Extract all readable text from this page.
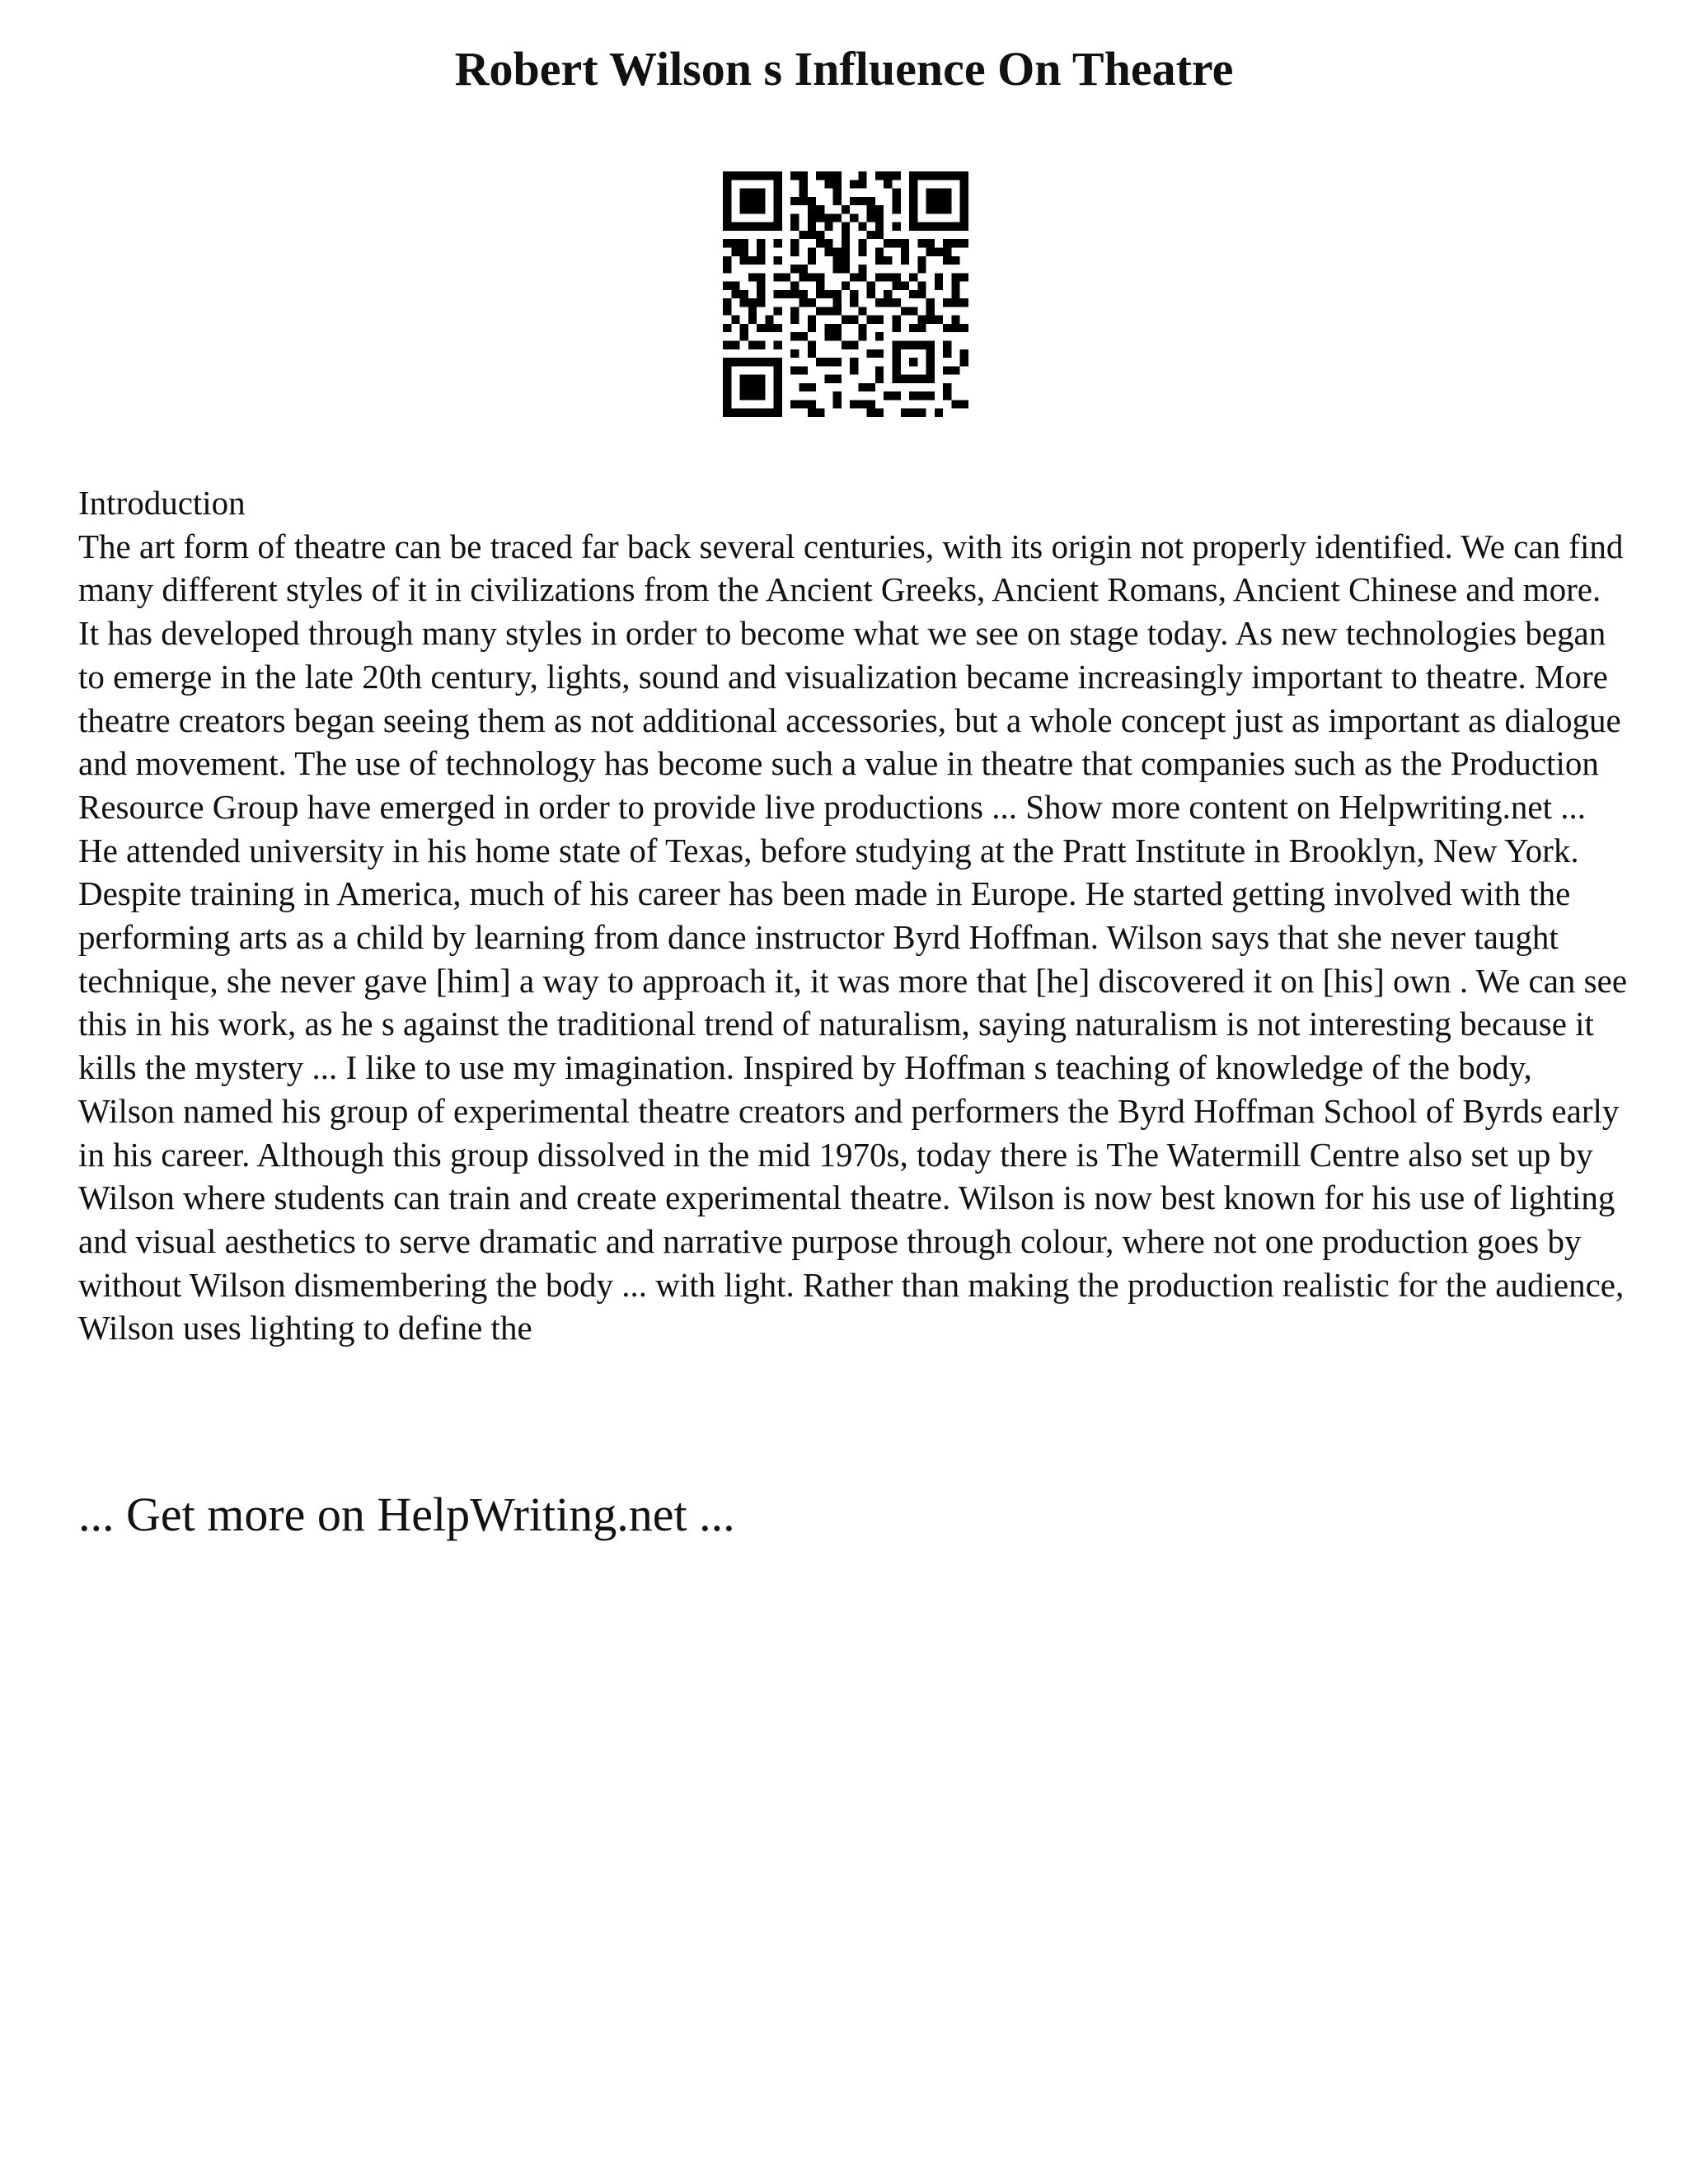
Robert Wilson s Influence On Theatre

Introduction

The art form of theatre can be traced far back several centuries, with its origin not properly identified. We can find many different styles of it in civilizations from the Ancient Greeks, Ancient Romans, Ancient Chinese and more. It has developed through many styles in order to become what we see on stage today. As new technologies began to emerge in the late 20th century, lights, sound and visualization became increasingly important to theatre. More theatre creators began seeing them as not additional accessories, but a whole concept just as important as dialogue and movement. The use of technology has become such a value in theatre that companies such as the Production Resource Group have emerged in order to provide live productions ... Show more content on Helpwriting.net ...

He attended university in his home state of Texas, before studying at the Pratt Institute in Brooklyn, New York. Despite training in America, much of his career has been made in Europe. He started getting involved with the performing arts as a child by learning from dance instructor Byrd Hoffman. Wilson says that she never taught technique, she never gave [him] a way to approach it, it was more that [he] discovered it on [his] own . We can see this in his work, as he s against the traditional trend of naturalism, saying naturalism is not interesting because it kills the mystery ... I like to use my imagination. Inspired by Hoffman s teaching of knowledge of the body, Wilson named his group of experimental theatre creators and performers the Byrd Hoffman School of Byrds early in his career. Although this group dissolved in the mid 1970s, today there is The Watermill Centre also set up by Wilson where students can train and create experimental theatre. Wilson is now best known for his use of lighting and visual aesthetics to serve dramatic and narrative purpose through colour, where not one production goes by without Wilson dismembering the body ... with light. Rather than making the production realistic for the audience, Wilson uses lighting to define the

... Get more on HelpWriting.net ...
